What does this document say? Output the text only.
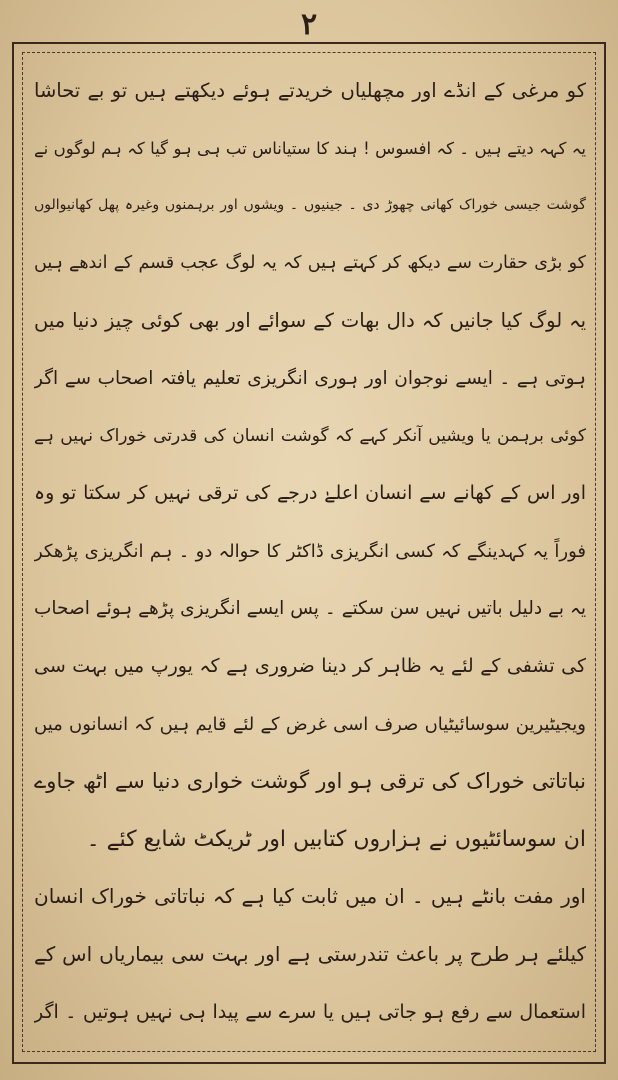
۲
کو مرغی کے انڈے اور مچھلیاں خریدتے ہوئے دیکھتے ہیں تو بے تحاشا
یہ کہہ دیتے ہیں ۔ کہ افسوس ! ہند کا ستیاناس تب ہی ہو گیا کہ ہم لوگوں نے
گوشت جیسی خوراک کھانی چھوڑ دی ۔ جینیوں ۔ ویشوں اور برہمنوں وغیرہ پھل کھانیوالوں
کو بڑی حقارت سے دیکھ کر کہتے ہیں کہ یہ لوگ عجب قسم کے اندھے ہیں
یہ لوگ کیا جانیں کہ دال بھات کے سوائے اور بھی کوئی چیز دنیا میں
ہوتی ہے ۔ ایسے نوجوان اور ہوری انگریزی تعلیم یافتہ اصحاب سے اگر
کوئی برہمن یا ویشیں آنکر کہے کہ گوشت انسان کی قدرتی خوراک نہیں ہے
اور اس کے کھانے سے انسان اعلےٰ درجے کی ترقی نہیں کر سکتا تو وہ
فوراً یہ کہدینگے کہ کسی انگریزی ڈاکٹر کا حوالہ دو ۔ ہم انگریزی پڑھکر
یہ بے دلیل باتیں نہیں سن سکتے ۔ پس ایسے انگریزی پڑھے ہوئے اصحاب
کی تشفی کے لئے یہ ظاہر کر دینا ضروری ہے کہ یورپ میں بہت سی
ویجیٹیرین سوسائیٹیاں صرف اسی غرض کے لئے قایم ہیں کہ انسانوں میں
نباتاتی خوراک کی ترقی ہو اور گوشت خواری دنیا سے اٹھ جاوے
ان سوسائٹیوں نے ہزاروں کتابیں اور ٹریکٹ شایع کئے ۔
اور مفت بانٹے ہیں ۔ ان میں ثابت کیا ہے کہ نباتاتی خوراک انسان
کیلئے ہر طرح پر باعث تندرستی ہے اور بہت سی بیماریاں اس کے
استعمال سے رفع ہو جاتی ہیں یا سرے سے پیدا ہی نہیں ہوتیں ۔ اگر
